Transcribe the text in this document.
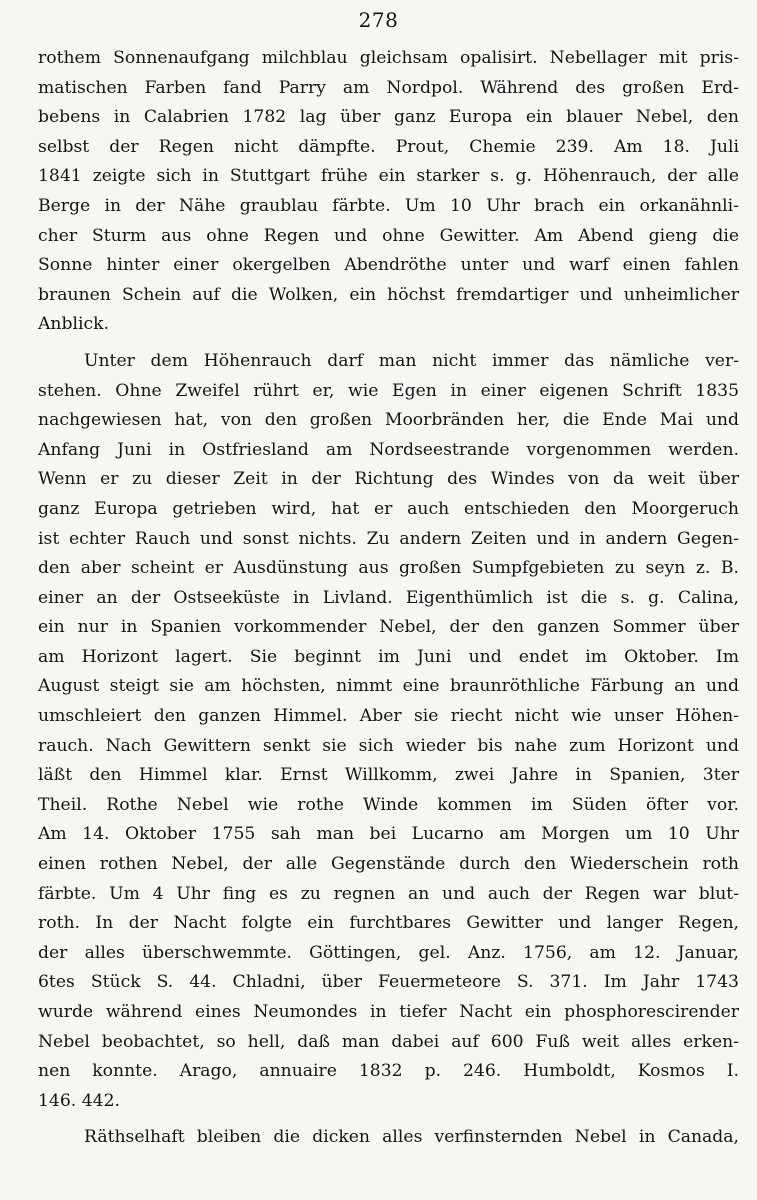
278
rothem Sonnenaufgang milchblau gleichsam opalisirt. Nebellager mit pris-
matischen Farben fand Parry am Nordpol. Während des großen Erd-
bebens in Calabrien 1782 lag über ganz Europa ein blauer Nebel, den
selbst der Regen nicht dämpfte. Prout, Chemie 239. Am 18. Juli
1841 zeigte sich in Stuttgart frühe ein starker s. g. Höhenrauch, der alle
Berge in der Nähe graublau färbte. Um 10 Uhr brach ein orkanähnli-
cher Sturm aus ohne Regen und ohne Gewitter. Am Abend gieng die
Sonne hinter einer okergelben Abendröthe unter und warf einen fahlen
braunen Schein auf die Wolken, ein höchst fremdartiger und unheimlicher
Anblick.
Unter dem Höhenrauch darf man nicht immer das nämliche ver-
stehen. Ohne Zweifel rührt er, wie Egen in einer eigenen Schrift 1835
nachgewiesen hat, von den großen Moorbränden her, die Ende Mai und
Anfang Juni in Ostfriesland am Nordseestrande vorgenommen werden.
Wenn er zu dieser Zeit in der Richtung des Windes von da weit über
ganz Europa getrieben wird, hat er auch entschieden den Moorgeruch
ist echter Rauch und sonst nichts. Zu andern Zeiten und in andern Gegen-
den aber scheint er Ausdünstung aus großen Sumpfgebieten zu seyn z. B.
einer an der Ostseeküste in Livland. Eigenthümlich ist die s. g. Calina,
ein nur in Spanien vorkommender Nebel, der den ganzen Sommer über
am Horizont lagert. Sie beginnt im Juni und endet im Oktober. Im
August steigt sie am höchsten, nimmt eine braunröthliche Färbung an und
umschleiert den ganzen Himmel. Aber sie riecht nicht wie unser Höhen-
rauch. Nach Gewittern senkt sie sich wieder bis nahe zum Horizont und
läßt den Himmel klar. Ernst Willkomm, zwei Jahre in Spanien, 3ter
Theil. Rothe Nebel wie rothe Winde kommen im Süden öfter vor.
Am 14. Oktober 1755 sah man bei Lucarno am Morgen um 10 Uhr
einen rothen Nebel, der alle Gegenstände durch den Wiederschein roth
färbte. Um 4 Uhr fing es zu regnen an und auch der Regen war blut-
roth. In der Nacht folgte ein furchtbares Gewitter und langer Regen,
der alles überschwemmte. Göttingen, gel. Anz. 1756, am 12. Januar,
6tes Stück S. 44. Chladni, über Feuermeteore S. 371. Im Jahr 1743
wurde während eines Neumondes in tiefer Nacht ein phosphorescirender
Nebel beobachtet, so hell, daß man dabei auf 600 Fuß weit alles erken-
nen konnte. Arago, annuaire 1832 p. 246. Humboldt, Kosmos I.
146. 442.
Räthselhaft bleiben die dicken alles verfinsternden Nebel in Canada,
